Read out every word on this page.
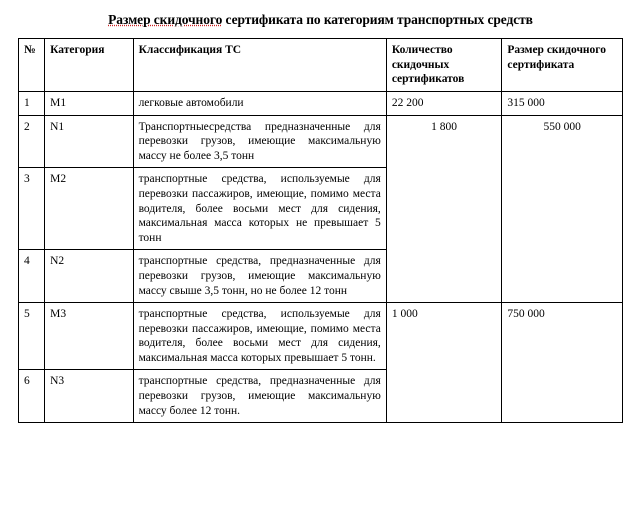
Размер скидочного сертификата по категориям транспортных средств
№	Категория	Классификация ТС	Количество скидочных сертификатов	Размер скидочного сертификата
1	M1	легковые автомобили	22 200	315 000
2	N1	Транспортныесредства предназначенные для перевозки грузов, имеющие максимальную массу не более 3,5 тонн	1 800	550 000
3	M2	транспортные средства, используемые для перевозки пассажиров, имеющие, помимо места водителя, более восьми мест для сидения, максимальная масса которых не превышает 5 тонн		
4	N2	транспортные средства, предназначенные для перевозки грузов, имеющие максимальную массу свыше 3,5 тонн, но не более 12 тонн		
5	M3	транспортные средства, используемые для перевозки пассажиров, имеющие, помимо места водителя, более восьми мест для сидения, максимальная масса которых превышает 5 тонн.	1 000	750 000
6	N3	транспортные средства, предназначенные для перевозки грузов, имеющие максимальную массу более 12 тонн.		
